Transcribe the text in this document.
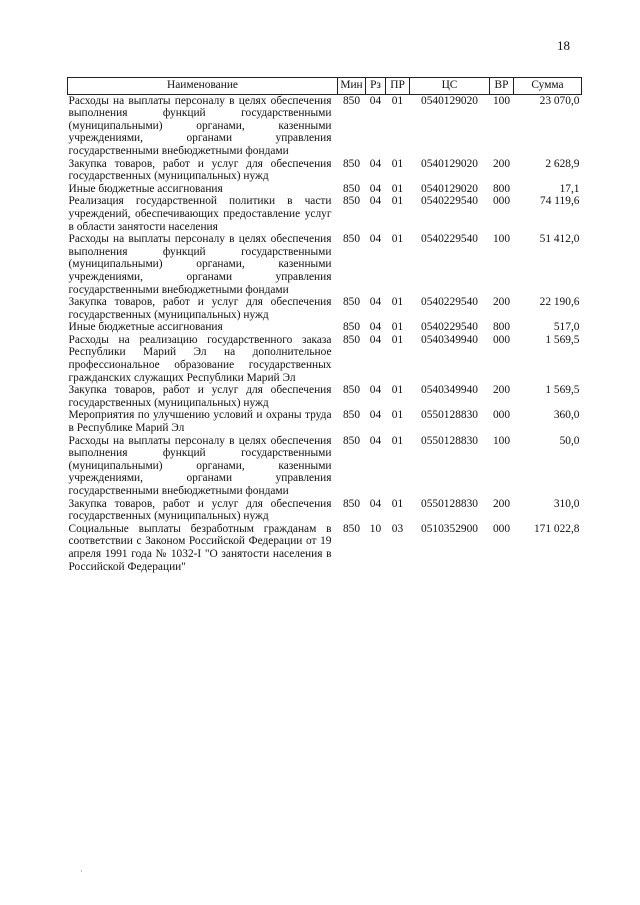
18
Наименование	Мин	Рз	ПР	ЦС	ВР	Сумма
Расходы на выплаты персоналу в целях обеспечения выполнения функций государственными (муниципальными) органами, казенными учреждениями, органами управления государственными внебюджетными фондами	850	04	01	0540129020	100	23 070,0
Закупка товаров, работ и услуг для обеспечения государственных (муниципальных) нужд	850	04	01	0540129020	200	2 628,9
Иные бюджетные ассигнования	850	04	01	0540129020	800	17,1
Реализация государственной политики в части учреждений, обеспечивающих предоставление услуг в области занятости населения	850	04	01	0540229540	000	74 119,6
Расходы на выплаты персоналу в целях обеспечения выполнения функций государственными (муниципальными) органами, казенными учреждениями, органами управления государственными внебюджетными фондами	850	04	01	0540229540	100	51 412,0
Закупка товаров, работ и услуг для обеспечения государственных (муниципальных) нужд	850	04	01	0540229540	200	22 190,6
Иные бюджетные ассигнования	850	04	01	0540229540	800	517,0
Расходы на реализацию государственного заказа Республики Марий Эл на дополнительное профессиональное образование государственных гражданских служащих Республики Марий Эл	850	04	01	0540349940	000	1 569,5
Закупка товаров, работ и услуг для обеспечения государственных (муниципальных) нужд	850	04	01	0540349940	200	1 569,5
Мероприятия по улучшению условий и охраны труда в Республике Марий Эл	850	04	01	0550128830	000	360,0
Расходы на выплаты персоналу в целях обеспечения выполнения функций государственными (муниципальными) органами, казенными учреждениями, органами управления государственными внебюджетными фондами	850	04	01	0550128830	100	50,0
Закупка товаров, работ и услуг для обеспечения государственных (муниципальных) нужд	850	04	01	0550128830	200	310,0
Социальные выплаты безработным гражданам в соответствии с Законом Российской Федерации от 19 апреля 1991 года № 1032-I "О занятости населения в Российской Федерации"	850	10	03	0510352900	000	171 022,8
·
